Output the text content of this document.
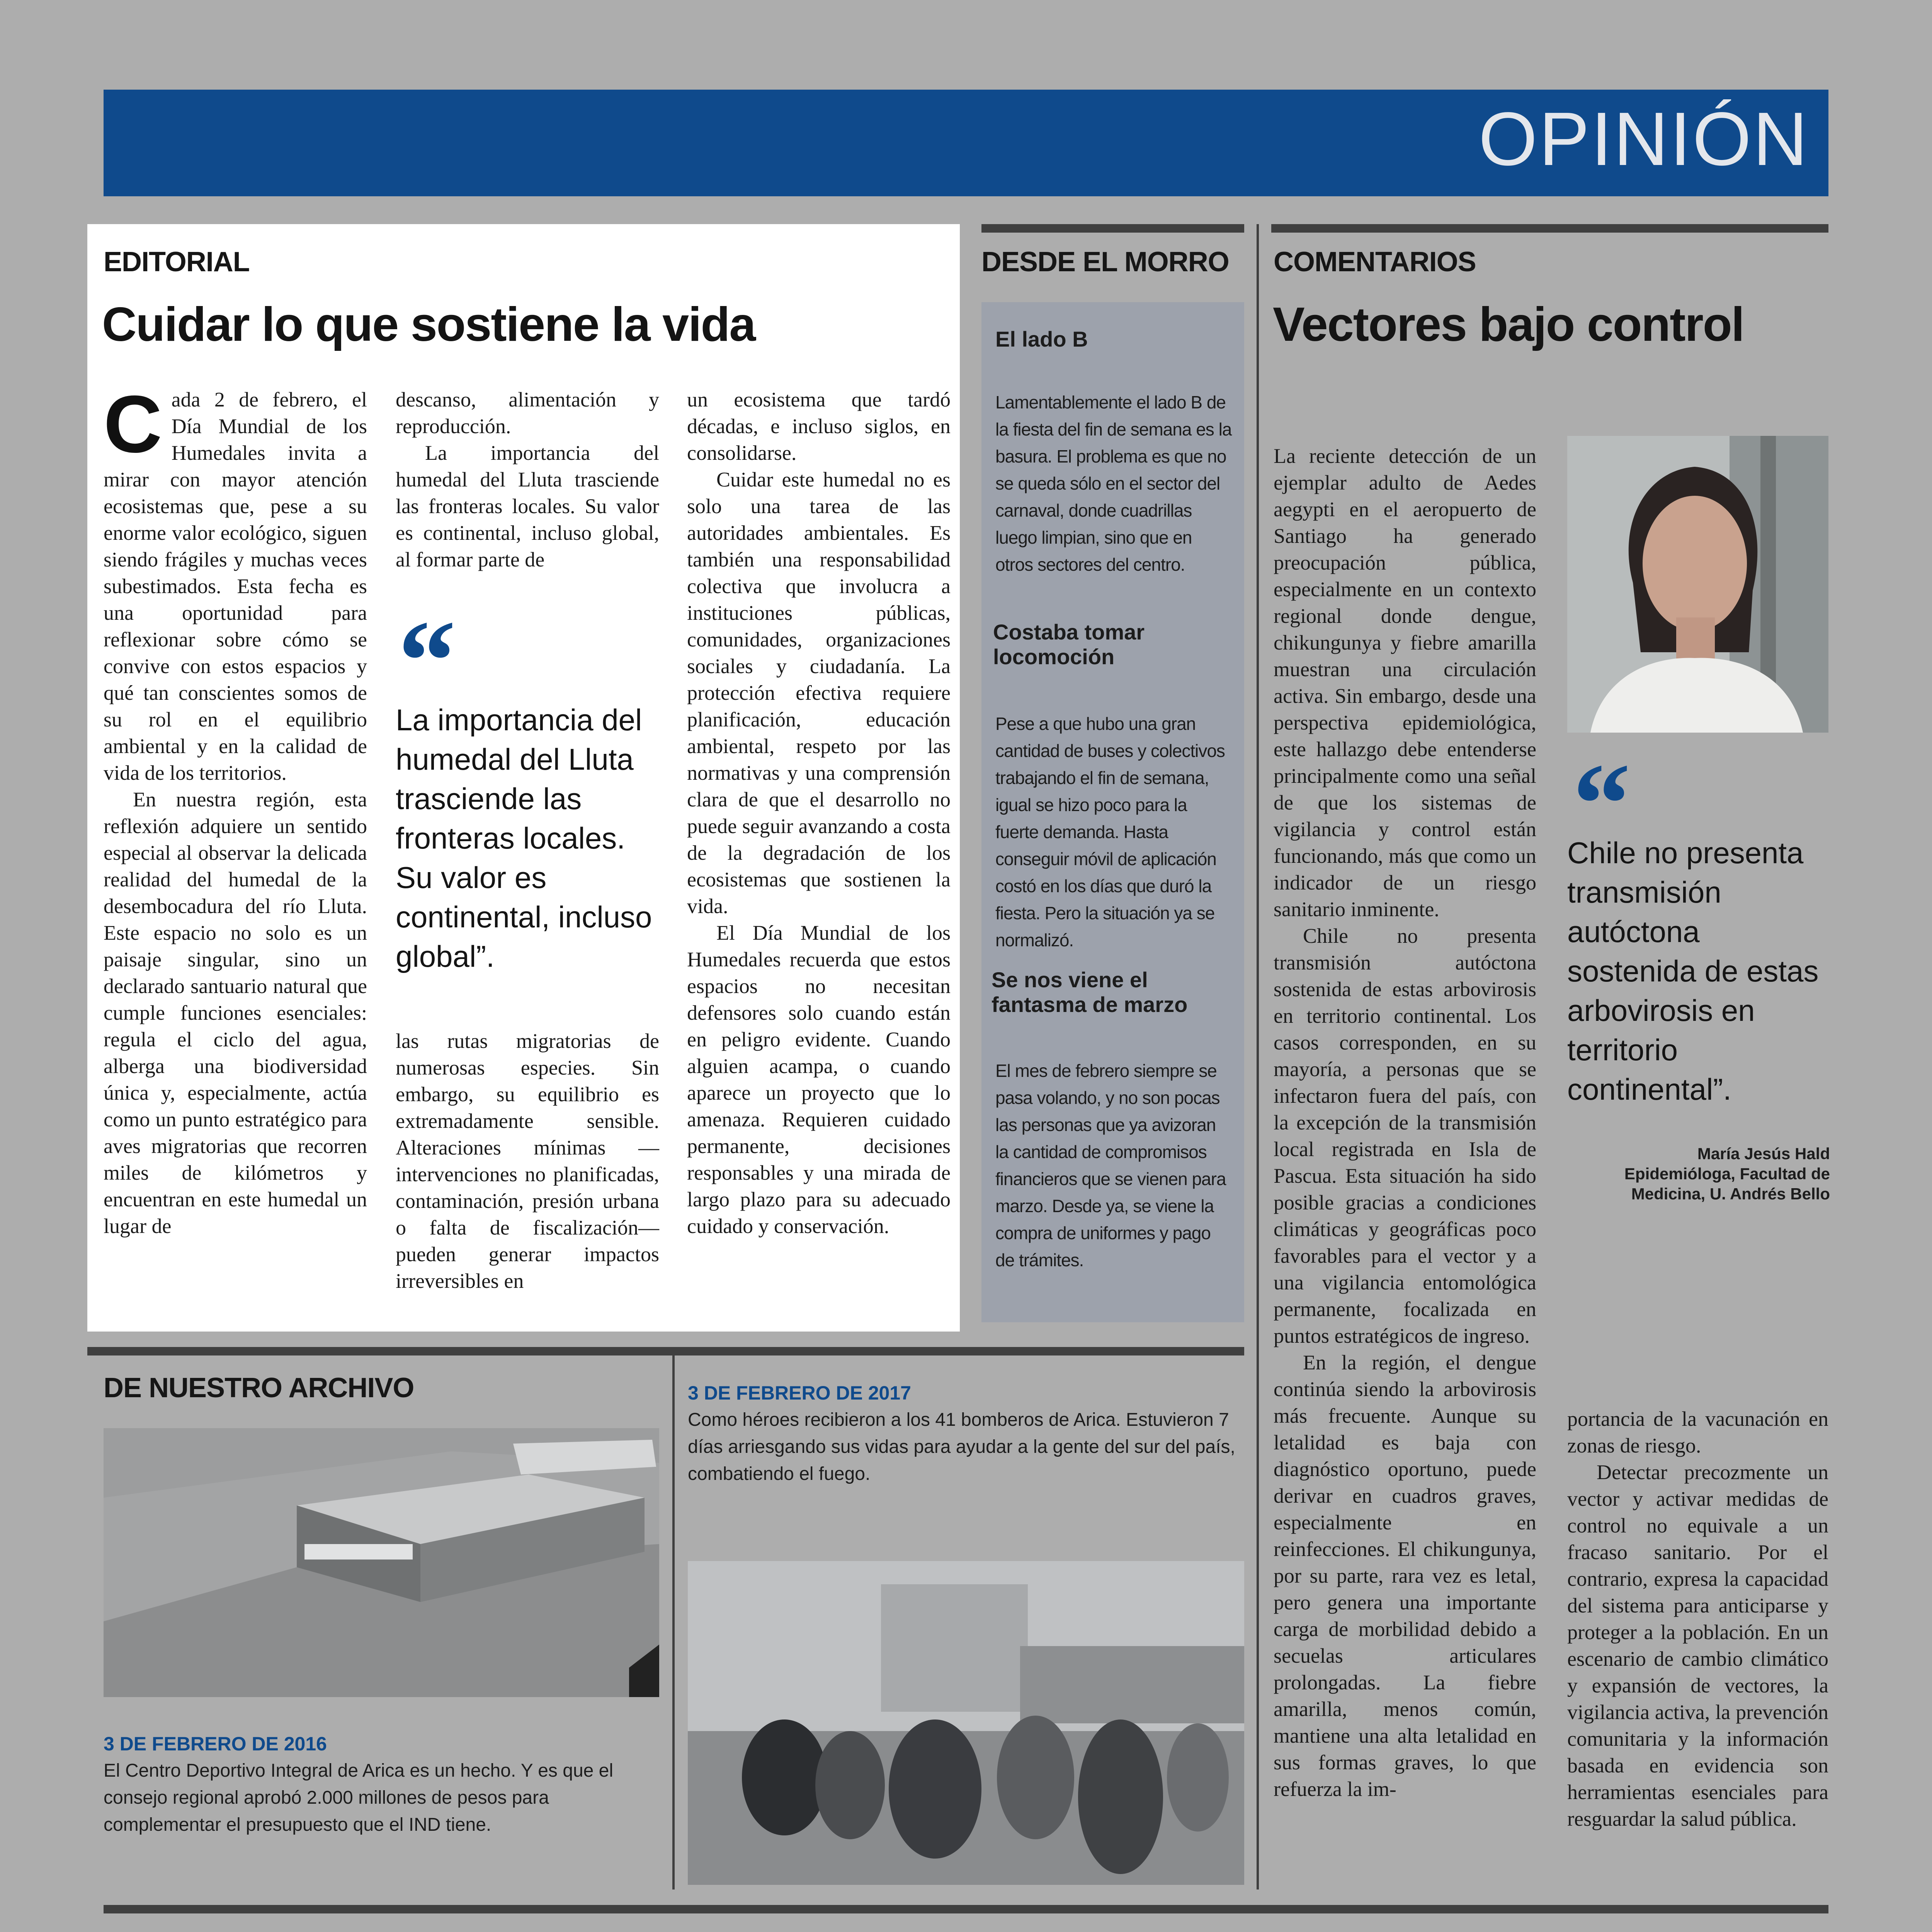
OPINIÓN
EDITORIAL
Cuidar lo que sostiene la vida
C ada 2 de febrero, el Día Mundial de los Humedales invita a mirar con mayor atención ecosistemas que, pese a su enorme valor ecológico, siguen siendo frágiles y muchas veces subestimados. Esta fecha es una oportunidad para reflexionar sobre cómo se convive con estos espacios y qué tan conscientes somos de su rol en el equilibrio ambiental y en la calidad de vida de los territorios.

En nuestra región, esta reflexión adquiere un sentido especial al observar la delicada realidad del humedal de la desembocadura del río Lluta. Este espacio no solo es un paisaje singular, sino un declarado santuario natural que cumple funciones esenciales: regula el ciclo del agua, alberga una biodiversidad única y, especialmente, actúa como un punto estratégico para aves migratorias que recorren miles de kilómetros y encuentran en este humedal un lugar de

descanso, alimentación y reproducción.

La importancia del humedal del Lluta trasciende las fronteras locales. Su valor es continental, incluso global, al formar parte de

“
La importancia del humedal del Lluta trasciende las fronteras locales. Su valor es continental, incluso global”.

las rutas migratorias de numerosas especies. Sin embargo, su equilibrio es extremadamente sensible. Alteraciones mínimas —intervenciones no planificadas, contaminación, presión urbana o falta de fiscalización— pueden generar impactos irreversibles en

un ecosistema que tardó décadas, e incluso siglos, en consolidarse.

Cuidar este humedal no es solo una tarea de las autoridades ambientales. Es también una responsabilidad colectiva que involucra a instituciones públicas, comunidades, organizaciones sociales y ciudadanía. La protección efectiva requiere planificación, educación ambiental, respeto por las normativas y una comprensión clara de que el desarrollo no puede seguir avanzando a costa de la degradación de los ecosistemas que sostienen la vida.

El Día Mundial de los Humedales recuerda que estos espacios no necesitan defensores solo cuando están en peligro evidente. Cuando alguien acampa, o cuando aparece un proyecto que lo amenaza. Requieren cuidado permanente, decisiones responsables y una mirada de largo plazo para su adecuado cuidado y conservación.

DESDE EL MORRO
El lado B
Lamentablemente el lado B de la fiesta del fin de semana es la basura. El problema es que no se queda sólo en el sector del carnaval, donde cuadrillas luego limpian, sino que en otros sectores del centro.
Costaba tomar locomoción
Pese a que hubo una gran cantidad de buses y colectivos trabajando el fin de semana, igual se hizo poco para la fuerte demanda. Hasta conseguir móvil de aplicación costó en los días que duró la fiesta. Pero la situación ya se normalizó.
Se nos viene el fantasma de marzo
El mes de febrero siempre se pasa volando, y no son pocas las personas que ya avizoran la cantidad de compromisos financieros que se vienen para marzo. Desde ya, se viene la compra de uniformes y pago de trámites.
COMENTARIOS
Vectores bajo control

La reciente detección de un ejemplar adulto de Aedes aegypti en el aeropuerto de Santiago ha generado preocupación pública, especialmente en un contexto regional donde dengue, chikungunya y fiebre amarilla muestran una circulación activa. Sin embargo, desde una perspectiva epidemiológica, este hallazgo debe entenderse principalmente como una señal de que los sistemas de vigilancia y control están funcionando, más que como un indicador de un riesgo sanitario inminente.

Chile no presenta transmisión autóctona sostenida de estas arbovirosis en territorio continental. Los casos corresponden, en su mayoría, a personas que se infectaron fuera del país, con la excepción de la transmisión local registrada en Isla de Pascua. Esta situación ha sido posible gracias a condiciones climáticas y geográficas poco favorables para el vector y a una vigilancia entomológica permanente, focalizada en puntos estratégicos de ingreso.

En la región, el dengue continúa siendo la arbovirosis más frecuente. Aunque su letalidad es baja con diagnóstico oportuno, puede derivar en cuadros graves, especialmente en reinfecciones. El chikungunya, por su parte, rara vez es letal, pero genera una importante carga de morbilidad debido a secuelas articulares prolongadas. La fiebre amarilla, menos común, mantiene una alta letalidad en sus formas graves, lo que refuerza la im-

“
Chile no presenta transmisión autóctona sostenida de estas arbovirosis en territorio continental”.
María Jesús Hald
Epidemióloga, Facultad de Medicina, U. Andrés Bello

portancia de la vacunación en zonas de riesgo.

Detectar precozmente un vector y activar medidas de control no equivale a un fracaso sanitario. Por el contrario, expresa la capacidad del sistema para anticiparse y proteger a la población. En un escenario de cambio climático y expansión de vectores, la vigilancia activa, la prevención comunitaria y la información basada en evidencia son herramientas esenciales para resguardar la salud pública.

DE NUESTRO ARCHIVO
3 DE FEBRERO DE 2016
El Centro Deportivo Integral de Arica es un hecho. Y es que el consejo regional aprobó 2.000 millones de pesos para complementar el presupuesto que el IND tiene.
3 DE FEBRERO DE 2017
Como héroes recibieron a los 41 bomberos de Arica. Estuvieron 7 días arriesgando sus vidas para ayudar a la gente del sur del país, combatiendo el fuego.
